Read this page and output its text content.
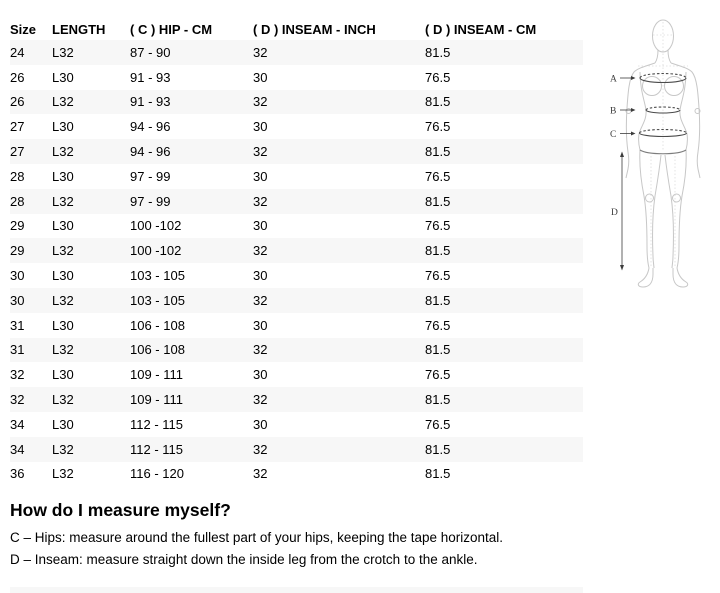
Size	LENGTH	( C ) HIP - CM	( D ) INSEAM - INCH	( D ) INSEAM - CM
24	L32	87 - 90	32	81.5
26	L30	91 - 93	30	76.5
26	L32	91 - 93	32	81.5
27	L30	94 - 96	30	76.5
27	L32	94 - 96	32	81.5
28	L30	97 - 99	30	76.5
28	L32	97 - 99	32	81.5
29	L30	100 -102	30	76.5
29	L32	100 -102	32	81.5
30	L30	103 - 105	30	76.5
30	L32	103 - 105	32	81.5
31	L30	106 - 108	30	76.5
31	L32	106 - 108	32	81.5
32	L30	109 - 111	30	76.5
32	L32	109 - 111	32	81.5
34	L30	112 - 115	30	76.5
34	L32	112 - 115	32	81.5
36	L32	116 - 120	32	81.5
A
B
C
D
How do I measure myself?

C – Hips: measure around the fullest part of your hips, keeping the tape horizontal.

D – Inseam: measure straight down the inside leg from the crotch to the ankle.
